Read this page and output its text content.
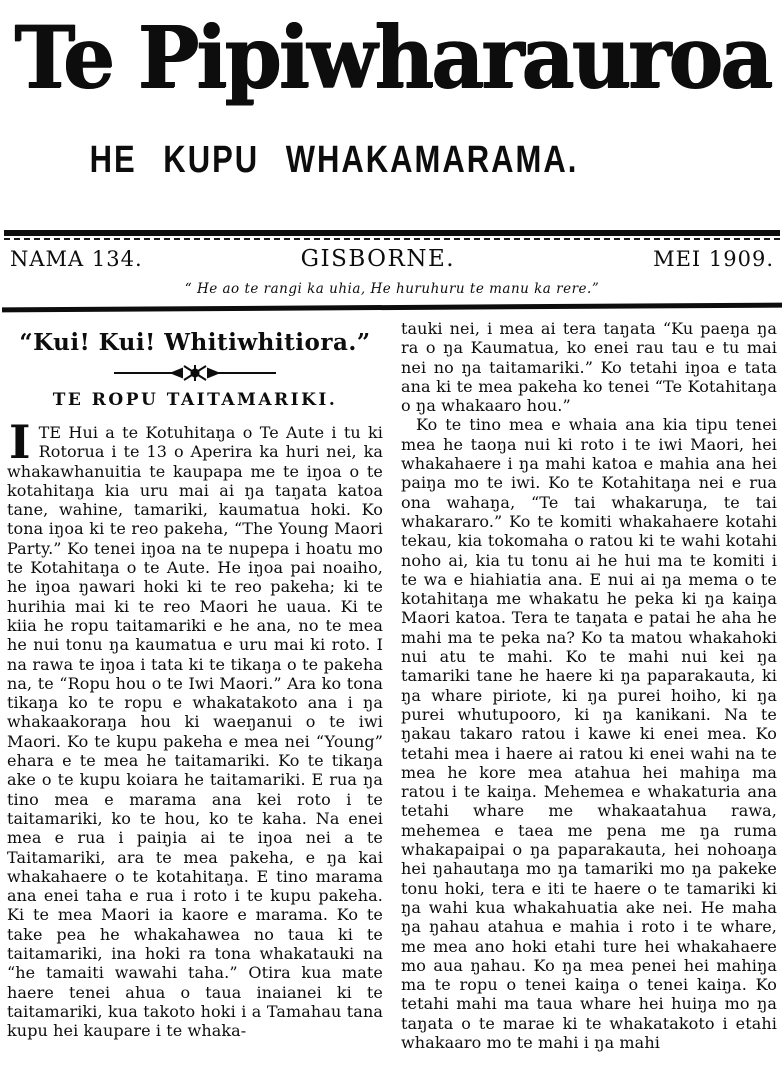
Te Pipiwharauroa
HE KUPU WHAKAMARAMA.
NAMA 134.	GISBORNE.	MEI 1909.
“ He ao te rangi ka uhia, He huruhuru te manu ka rere.”
“Kui! Kui! Whitiwhitiora.”
TE ROPU TAITAMARIKI.

ITE Hui a te Kotuhitaŋa o Te Aute i tu ki Rotorua i te 13 o Aperira ka huri nei, ka whakawhanuitia te kaupapa me te iŋoa o te kotahitaŋa kia uru mai ai ŋa taŋata katoa tane, wahine, tamariki, kaumatua hoki. Ko tona iŋoa ki te reo pakeha, “The Young Maori Party.” Ko tenei iŋoa na te nupepa i hoatu mo te Kotahitaŋa o te Aute. He iŋoa pai noaiho, he iŋoa ŋawari hoki ki te reo pakeha; ki te hurihia mai ki te reo Maori he uaua. Ki te kiia he ropu taitamariki e he ana, no te mea he nui tonu ŋa kaumatua e uru mai ki roto. I na rawa te iŋoa i tata ki te tikaŋa o te pakeha na, te “Ropu hou o te Iwi Maori.” Ara ko tona tikaŋa ko te ropu e whakatakoto ana i ŋa whakaakoraŋa hou ki waeŋanui o te iwi Maori. Ko te kupu pakeha e mea nei “Young” ehara e te mea he taitamariki. Ko te tikaŋa ake o te kupu koiara he taitamariki. E rua ŋa tino mea e marama ana kei roto i te taitamariki, ko te hou, ko te kaha. Na enei mea e rua i paiŋia ai te iŋoa nei a te Taitamariki, ara te mea pakeha, e ŋa kai whakahaere o te kotahitaŋa. E tino marama ana enei taha e rua i roto i te kupu pakeha. Ki te mea Maori ia kaore e marama. Ko te take pea he whakahawea no taua ki te taitamariki, ina hoki ra tona whakatauki na “he tamaiti wawahi taha.” Otira kua mate haere tenei ahua o taua inaianei ki te taitamariki, kua takoto hoki i a Tamahau tana kupu hei kaupare i te whaka-

tauki nei, i mea ai tera taŋata “Ku paeŋa ŋa ra o ŋa Kaumatua, ko enei rau tau e tu mai nei no ŋa taitamariki.” Ko tetahi iŋoa e tata ana ki te mea pakeha ko tenei “Te Kotahitaŋa o ŋa whakaaro hou.”

Ko te tino mea e whaia ana kia tipu tenei mea he taoŋa nui ki roto i te iwi Maori, hei whakahaere i ŋa mahi katoa e mahia ana hei paiŋa mo te iwi. Ko te Kotahitaŋa nei e rua ona wahaŋa, “Te tai whakaruŋa, te tai whakararo.” Ko te komiti whakahaere kotahi tekau, kia tokomaha o ratou ki te wahi kotahi noho ai, kia tu tonu ai he hui ma te komiti i te wa e hiahiatia ana. E nui ai ŋa mema o te kotahitaŋa me whakatu he peka ki ŋa kaiŋa Maori katoa. Tera te taŋata e patai he aha he mahi ma te peka na? Ko ta matou whakahoki nui atu te mahi. Ko te mahi nui kei ŋa tamariki tane he haere ki ŋa paparakauta, ki ŋa whare piriote, ki ŋa purei hoiho, ki ŋa purei whutupooro, ki ŋa kanikani. Na te ŋakau takaro ratou i kawe ki enei mea. Ko tetahi mea i haere ai ratou ki enei wahi na te mea he kore mea atahua hei mahiŋa ma ratou i te kaiŋa. Mehemea e whakaturia ana tetahi whare me whakaatahua rawa, mehemea e taea me pena me ŋa ruma whakapaipai o ŋa paparakauta, hei nohoaŋa hei ŋahautaŋa mo ŋa tamariki mo ŋa pakeke tonu hoki, tera e iti te haere o te tamariki ki ŋa wahi kua whakahuatia ake nei. He maha ŋa ŋahau atahua e mahia i roto i te whare, me mea ano hoki etahi ture hei whakahaere mo aua ŋahau. Ko ŋa mea penei hei mahiŋa ma te ropu o tenei kaiŋa o tenei kaiŋa. Ko tetahi mahi ma taua whare hei huiŋa mo ŋa taŋata o te marae ki te whakatakoto i etahi whakaaro mo te mahi i ŋa mahi
